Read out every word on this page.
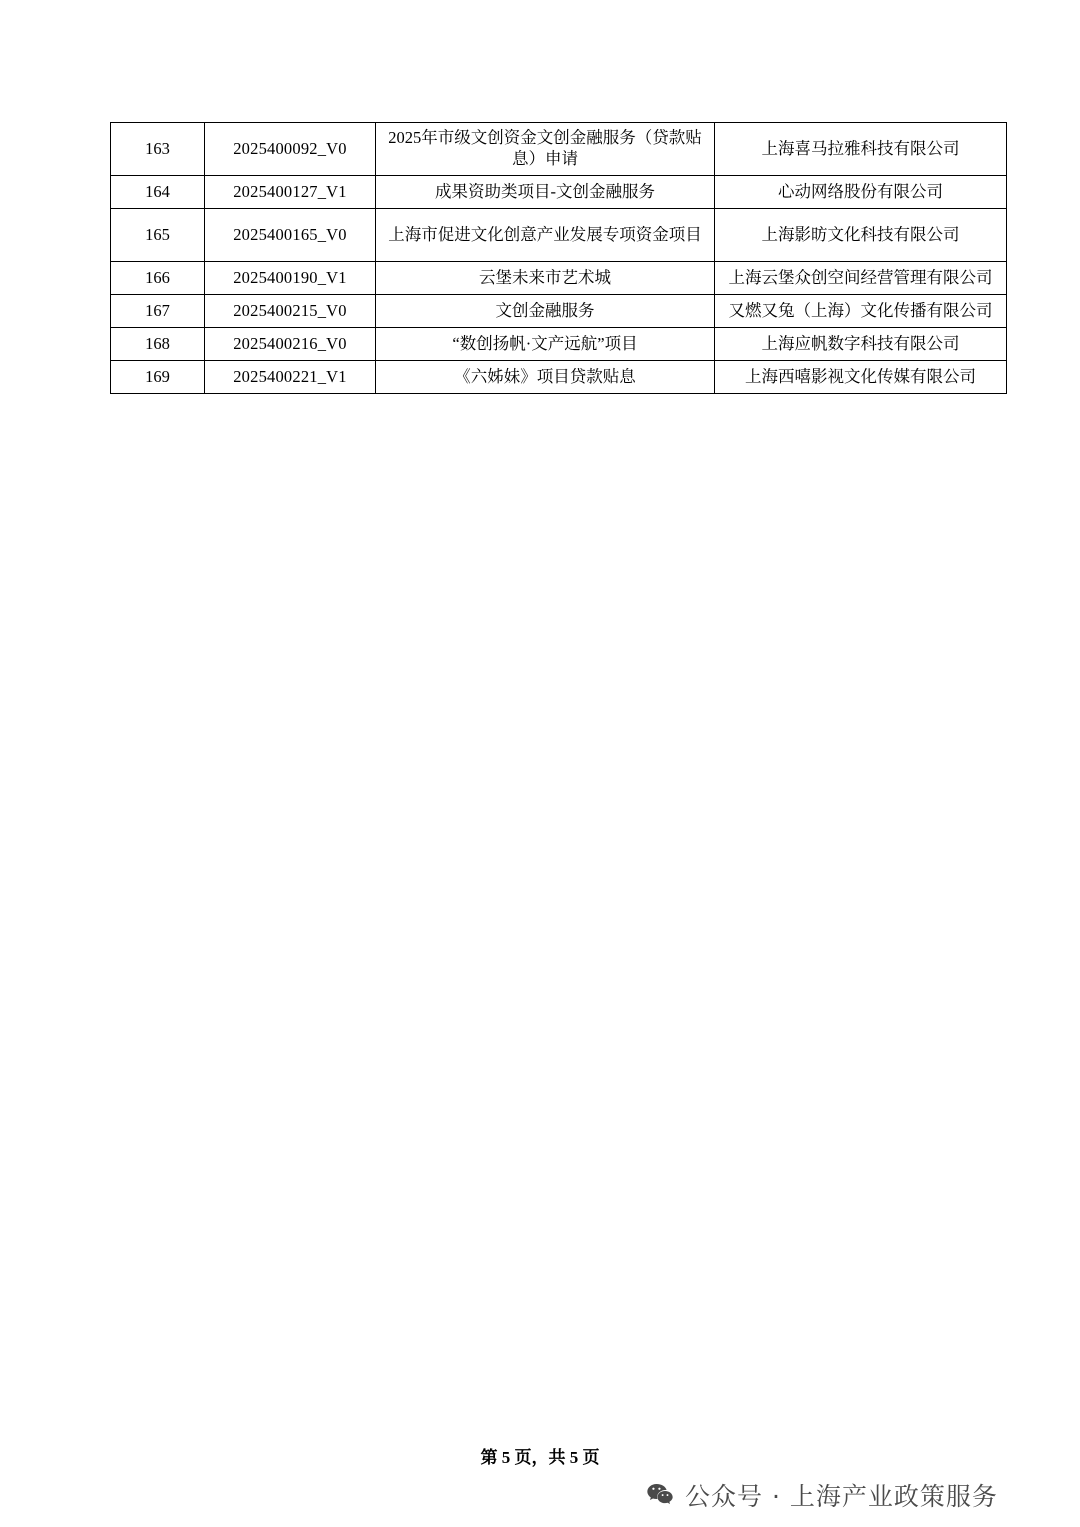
163	2025400092_V0	2025年市级文创资金文创金融服务（贷款贴息）申请	上海喜马拉雅科技有限公司
164	2025400127_V1	成果资助类项目-文创金融服务	心动网络股份有限公司
165	2025400165_V0	上海市促进文化创意产业发展专项资金项目	上海影昉文化科技有限公司
166	2025400190_V1	云堡未来市艺术城	上海云堡众创空间经营管理有限公司
167	2025400215_V0	文创金融服务	又燃又兔（上海）文化传播有限公司
168	2025400216_V0	“数创扬帆·文产远航”项目	上海应帆数字科技有限公司
169	2025400221_V1	《六姊妹》项目贷款贴息	上海西嘻影视文化传媒有限公司
第 5 页，共 5 页
公众号 · 上海产业政策服务
